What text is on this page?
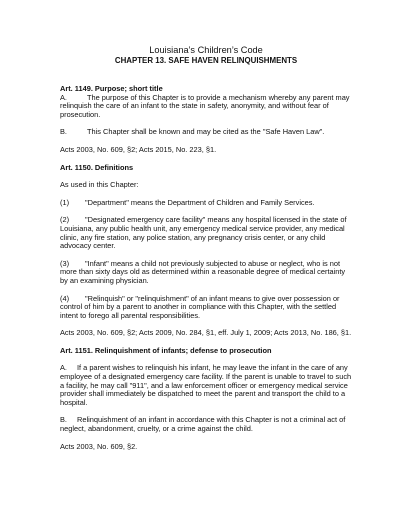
Louisiana’s Children’s Code

CHAPTER 13. SAFE HAVEN RELINQUISHMENTS

Art. 1149. Purpose; short title

A.	The purpose of this Chapter is to provide a mechanism whereby any parent may relinquish the care of an infant to the state in safety, anonymity, and without fear of prosecution.

B.	This Chapter shall be known and may be cited as the "Safe Haven Law".

Acts 2003, No. 609, §2; Acts 2015, No. 223, §1.

Art. 1150. Definitions

As used in this Chapter:

(1) "Department" means the Department of Children and Family Services.

(2) "Designated emergency care facility" means any hospital licensed in the state of Louisiana, any public health unit, any emergency medical service provider, any medical clinic, any fire station, any police station, any pregnancy crisis center, or any child advocacy center.

(3) "Infant" means a child not previously subjected to abuse or neglect, who is not more than sixty days old as determined within a reasonable degree of medical certainty by an examining physician.

(4) "Relinquish" or "relinquishment" of an infant means to give over possession or control of him by a parent to another in compliance with this Chapter, with the settled intent to forego all parental responsibilities.

Acts 2003, No. 609, §2; Acts 2009, No. 284, §1, eff. July 1, 2009; Acts 2013, No. 186, §1.

Art. 1151. Relinquishment of infants; defense to prosecution

A. If a parent wishes to relinquish his infant, he may leave the infant in the care of any employee of a designated emergency care facility. If the parent is unable to travel to such a facility, he may call "911", and a law enforcement officer or emergency medical service provider shall immediately be dispatched to meet the parent and transport the child to a hospital.

B. Relinquishment of an infant in accordance with this Chapter is not a criminal act of neglect, abandonment, cruelty, or a crime against the child.

Acts 2003, No. 609, §2.
